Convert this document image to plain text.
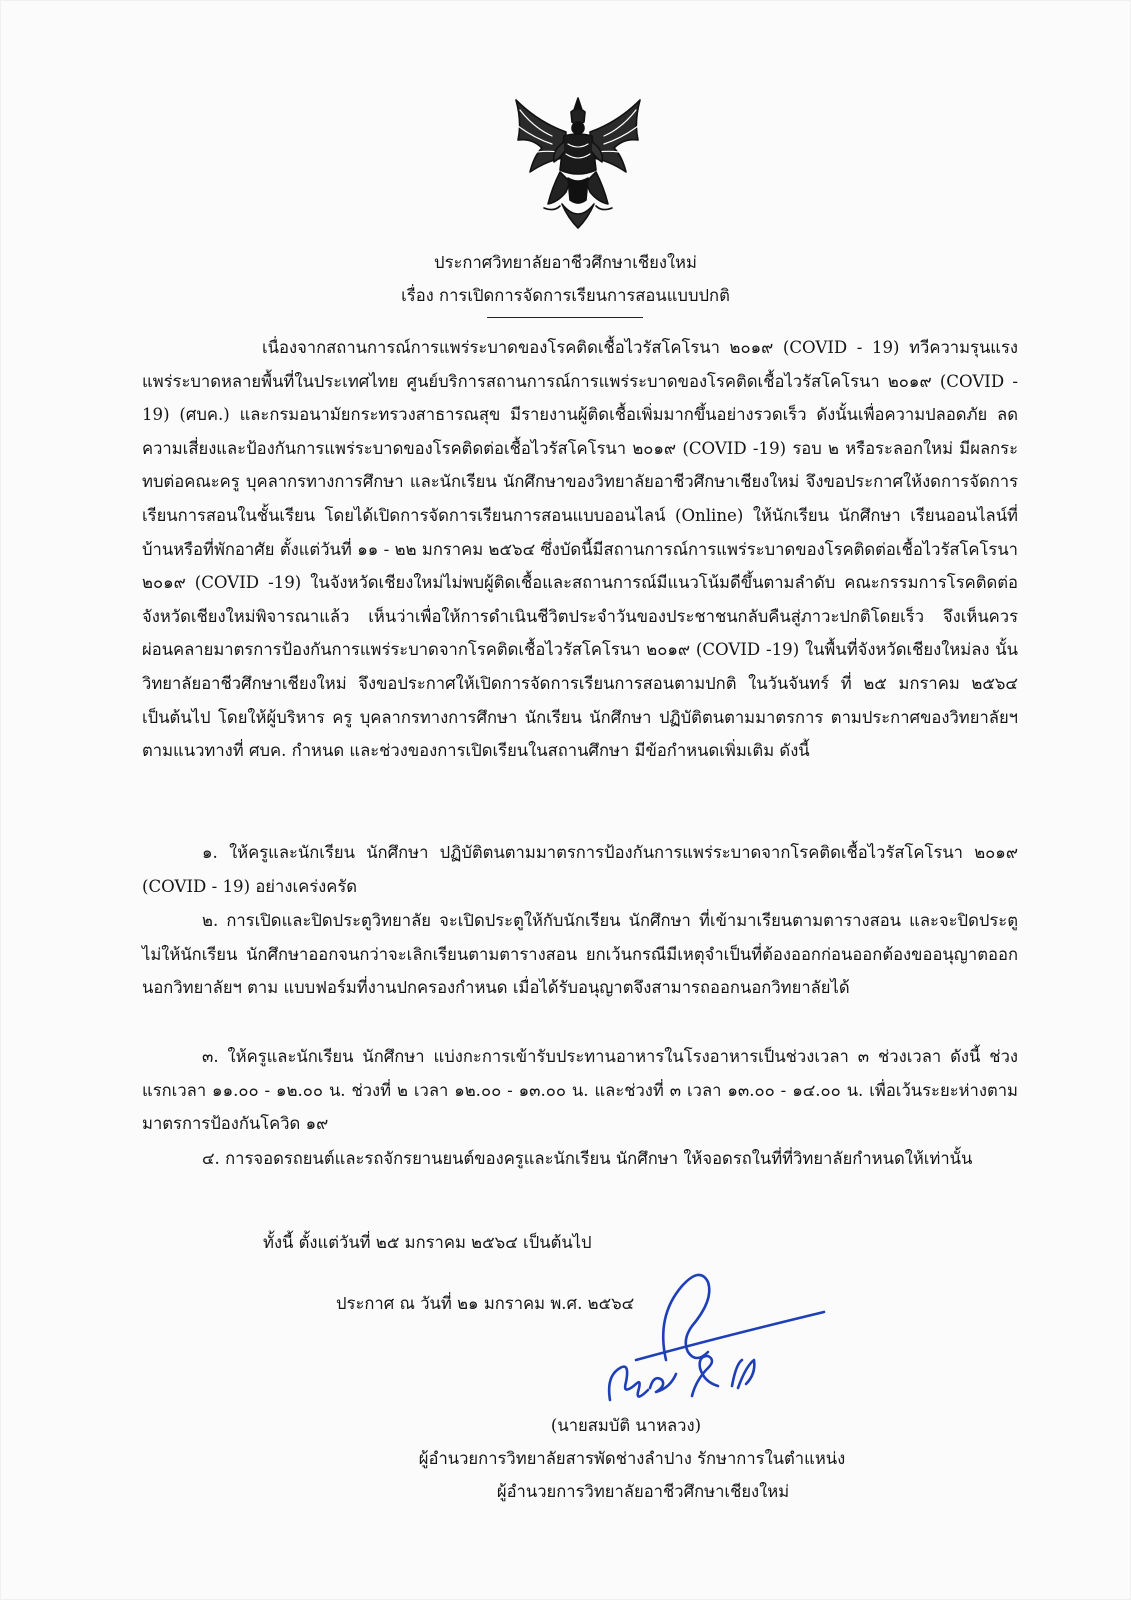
ประกาศวิทยาลัยอาชีวศึกษาเชียงใหม่
เรื่อง การเปิดการจัดการเรียนการสอนแบบปกติ

เนื่องจากสถานการณ์การแพร่ระบาดของโรคติดเชื้อไวรัสโคโรนา ๒๐๑๙ (COVID - 19) ทวีความรุนแรงแพร่ระบาดหลายพื้นที่ในประเทศไทย ศูนย์บริการสถานการณ์การแพร่ระบาดของโรคติดเชื้อไวรัสโคโรนา ๒๐๑๙ (COVID - 19) (ศบค.) และกรมอนามัยกระทรวงสาธารณสุข มีรายงานผู้ติดเชื้อเพิ่มมากขึ้นอย่างรวดเร็ว ดังนั้นเพื่อความปลอดภัย ลดความเสี่ยงและป้องกันการแพร่ระบาดของโรคติดต่อเชื้อไวรัสโคโรนา ๒๐๑๙ (COVID -19) รอบ ๒ หรือระลอกใหม่ มีผลกระทบต่อคณะครู บุคลากรทางการศึกษา และนักเรียน นักศึกษาของวิทยาลัยอาชีวศึกษาเชียงใหม่ จึงขอประกาศให้งดการจัดการเรียนการสอนในชั้นเรียน โดยได้เปิดการจัดการเรียนการสอนแบบออนไลน์ (Online) ให้นักเรียน นักศึกษา เรียนออนไลน์ที่บ้านหรือที่พักอาศัย ตั้งแต่วันที่ ๑๑ - ๒๒ มกราคม ๒๕๖๔ ซึ่งบัดนี้มีสถานการณ์การแพร่ระบาดของโรคติดต่อเชื้อไวรัสโคโรนา ๒๐๑๙ (COVID -19) ในจังหวัดเชียงใหม่ไม่พบผู้ติดเชื้อและสถานการณ์มีแนวโน้มดีขึ้นตามลำดับ คณะกรรมการโรคติดต่อจังหวัดเชียงใหม่พิจารณาแล้ว เห็นว่าเพื่อให้การดำเนินชีวิตประจำวันของประชาชนกลับคืนสู่ภาวะปกติโดยเร็ว จึงเห็นควรผ่อนคลายมาตรการป้องกันการแพร่ระบาดจากโรคติดเชื้อไวรัสโคโรนา ๒๐๑๙ (COVID -19) ในพื้นที่จังหวัดเชียงใหม่ลง นั้น วิทยาลัยอาชีวศึกษาเชียงใหม่ จึงขอประกาศให้เปิดการจัดการเรียนการสอนตามปกติ ในวันจันทร์ ที่ ๒๕ มกราคม ๒๕๖๔ เป็นต้นไป โดยให้ผู้บริหาร ครู บุคลากรทางการศึกษา นักเรียน นักศึกษา ปฏิบัติตนตามมาตรการ ตามประกาศของวิทยาลัยฯ ตามแนวทางที่ ศบค. กำหนด และช่วงของการเปิดเรียนในสถานศึกษา มีข้อกำหนดเพิ่มเติม ดังนี้

๑. ให้ครูและนักเรียน นักศึกษา ปฏิบัติตนตามมาตรการป้องกันการแพร่ระบาดจากโรคติดเชื้อไวรัสโคโรนา ๒๐๑๙ (COVID - 19) อย่างเคร่งครัด

๒. การเปิดและปิดประตูวิทยาลัย จะเปิดประตูให้กับนักเรียน นักศึกษา ที่เข้ามาเรียนตามตารางสอน และจะปิดประตูไม่ให้นักเรียน นักศึกษาออกจนกว่าจะเลิกเรียนตามตารางสอน ยกเว้นกรณีมีเหตุจำเป็นที่ต้องออกก่อนออกต้องขออนุญาตออกนอกวิทยาลัยฯ ตาม แบบฟอร์มที่งานปกครองกำหนด เมื่อได้รับอนุญาตจึงสามารถออกนอกวิทยาลัยได้

๓. ให้ครูและนักเรียน นักศึกษา แบ่งกะการเข้ารับประทานอาหารในโรงอาหารเป็นช่วงเวลา ๓ ช่วงเวลา ดังนี้ ช่วงแรกเวลา ๑๑.๐๐ - ๑๒.๐๐ น. ช่วงที่ ๒ เวลา ๑๒.๐๐ - ๑๓.๐๐ น. และช่วงที่ ๓ เวลา ๑๓.๐๐ - ๑๔.๐๐ น. เพื่อเว้นระยะห่างตามมาตรการป้องกันโควิด ๑๙

๔. การจอดรถยนต์และรถจักรยานยนต์ของครูและนักเรียน นักศึกษา ให้จอดรถในที่ที่วิทยาลัยกำหนดให้เท่านั้น

ทั้งนี้ ตั้งแต่วันที่ ๒๕ มกราคม ๒๕๖๔ เป็นต้นไป
ประกาศ ณ วันที่ ๒๑ มกราคม พ.ศ. ๒๕๖๔
(นายสมบัติ นาหลวง)
ผู้อำนวยการวิทยาลัยสารพัดช่างลำปาง รักษาการในตำแหน่ง
ผู้อำนวยการวิทยาลัยอาชีวศึกษาเชียงใหม่
